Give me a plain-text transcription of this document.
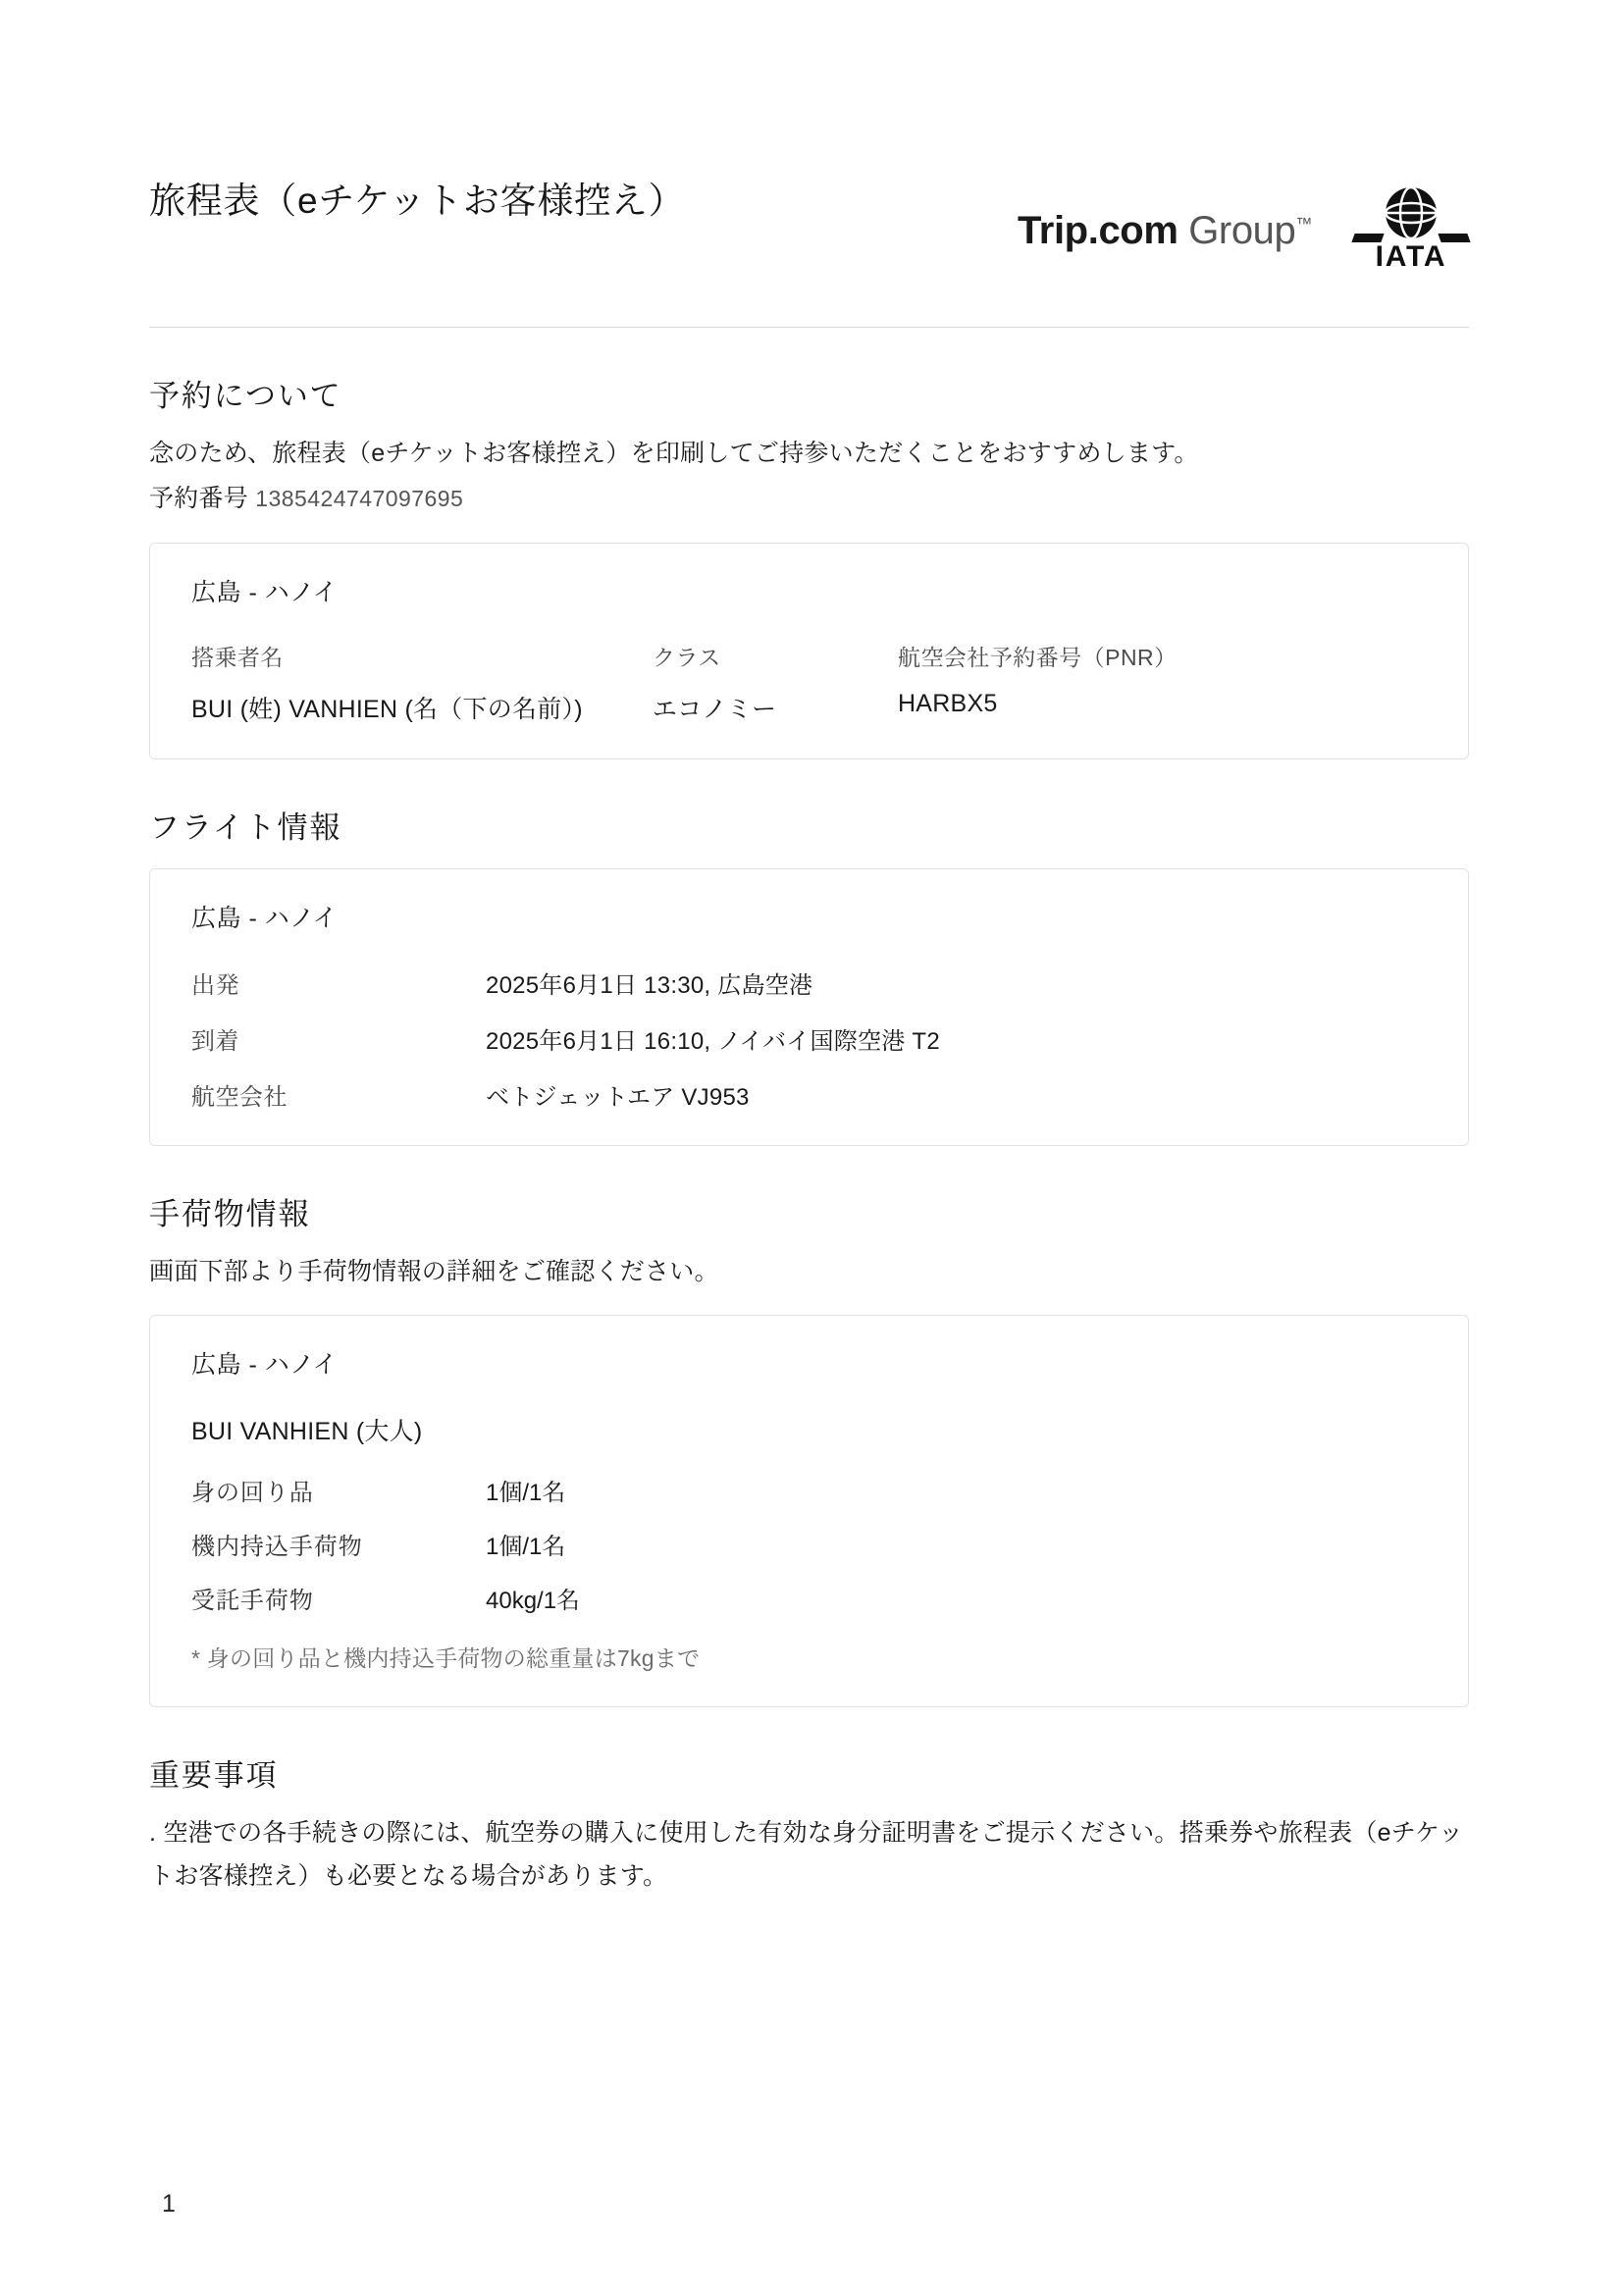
旅程表（eチケットお客様控え）
Trip.com Group™
IATA
予約について

念のため、旅程表（eチケットお客様控え）を印刷してご持参いただくことをおすすめします。

予約番号 1385424747097695

広島 - ハノイ
搭乗者名	クラス	航空会社予約番号（PNR）
BUI (姓) VANHIEN (名（下の名前）)	エコノミー	HARBX5
フライト情報
広島 - ハノイ
出発	2025年6月1日 13:30, 広島空港
到着	2025年6月1日 16:10, ノイバイ国際空港 T2
航空会社	ベトジェットエア VJ953
手荷物情報

画面下部より手荷物情報の詳細をご確認ください。

広島 - ハノイ
BUI VANHIEN (大人)
身の回り品	1個/1名
機内持込手荷物	1個/1名
受託手荷物	40kg/1名
* 身の回り品と機内持込手荷物の総重量は7kgまで
重要事項

. 空港での各手続きの際には、航空券の購入に使用した有効な身分証明書をご提示ください。搭乗券や旅程表（eチケットお客様控え）も必要となる場合があります。

1
